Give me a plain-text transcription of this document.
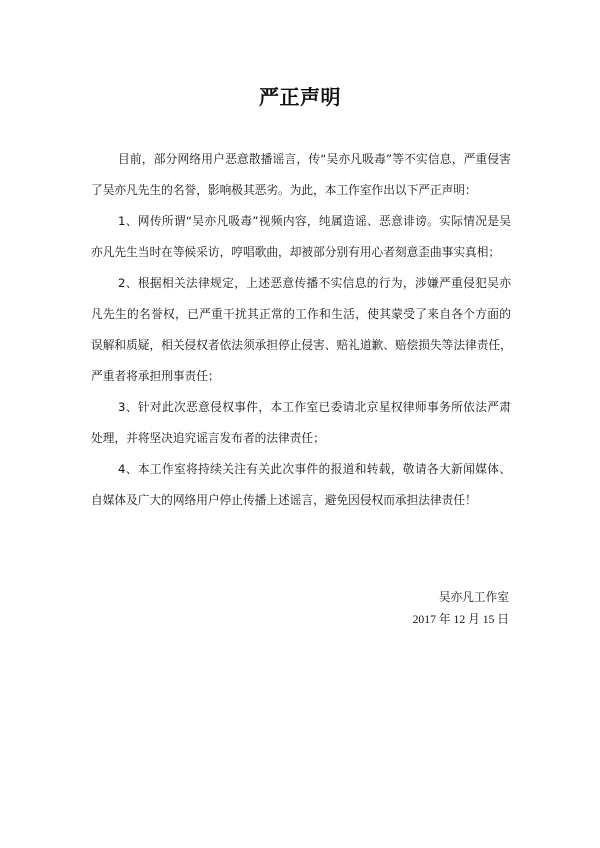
严正声明
目前，部分网络用户恶意散播谣言，传“吴亦凡吸毒”等不实信息，严重侵害
了吴亦凡先生的名誉，影响极其恶劣。为此，本工作室作出以下严正声明：
1、网传所谓“吴亦凡吸毒”视频内容，纯属造谣、恶意诽谤。实际情况是吴
亦凡先生当时在等候采访，哼唱歌曲，却被部分别有用心者刻意歪曲事实真相；
2、根据相关法律规定，上述恶意传播不实信息的行为，涉嫌严重侵犯吴亦
凡先生的名誉权，已严重干扰其正常的工作和生活，使其蒙受了来自各个方面的
误解和质疑，相关侵权者依法须承担停止侵害、赔礼道歉、赔偿损失等法律责任，
严重者将承担刑事责任；
3、针对此次恶意侵权事件，本工作室已委请北京星权律师事务所依法严肃
处理，并将坚决追究谣言发布者的法律责任；
4、本工作室将持续关注有关此次事件的报道和转载，敬请各大新闻媒体、
自媒体及广大的网络用户停止传播上述谣言，避免因侵权而承担法律责任！
吴亦凡工作室
2017 年 12 月 15 日
